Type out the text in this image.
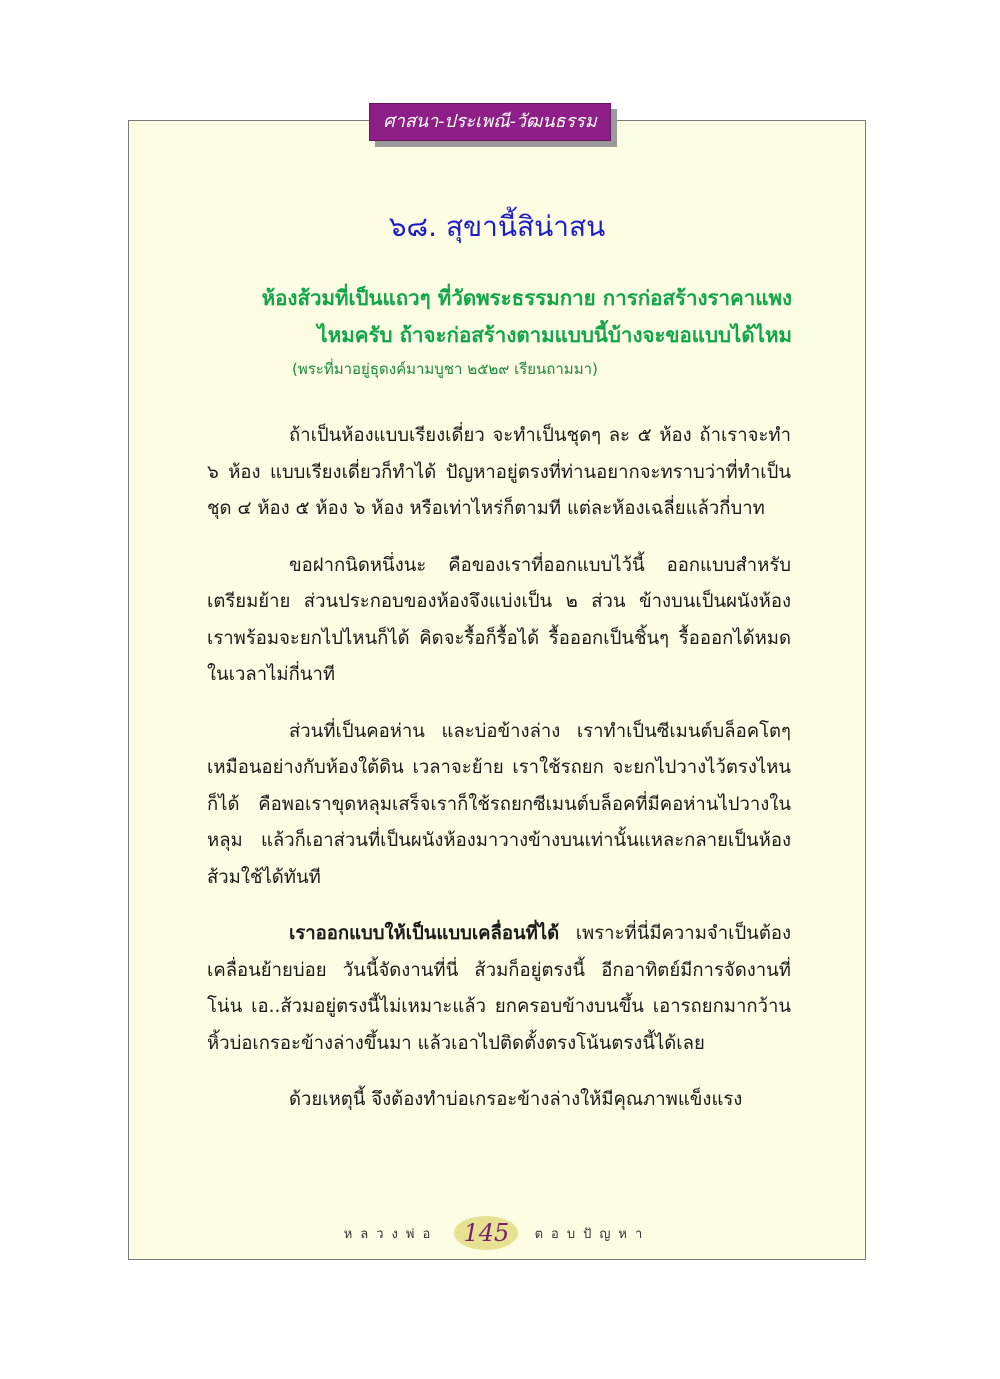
ศาสนา-ประเพณี-วัฒนธรรม
๖๘. สุขานี้สิน่าสน
ห้องส้วมที่เป็นแถวๆ ที่วัดพระธรรมกาย การก่อสร้างราคาแพง
ไหมครับ ถ้าจะก่อสร้างตามแบบนี้บ้างจะขอแบบได้ไหม
(พระที่มาอยู่ธุดงค์มามบูชา ๒๕๒๙ เรียนถามมา)

ถ้าเป็นห้องแบบเรียงเดี่ยว จะทำเป็นชุดๆ ละ ๕ ห้อง ถ้าเราจะทำ ๖ ห้อง แบบเรียงเดี่ยวก็ทำได้ ปัญหาอยู่ตรงที่ท่านอยากจะทราบว่าที่ทำเป็นชุด ๔ ห้อง ๕ ห้อง ๖ ห้อง หรือเท่าไหร่ก็ตามที แต่ละห้องเฉลี่ยแล้วกี่บาท

ขอฝากนิดหนึ่งนะ คือของเราที่ออกแบบไว้นี้ ออกแบบสำหรับเตรียมย้าย ส่วนประกอบของห้องจึงแบ่งเป็น ๒ ส่วน ข้างบนเป็นผนังห้อง เราพร้อมจะยกไปไหนก็ได้ คิดจะรื้อก็รื้อได้ รื้อออกเป็นชิ้นๆ รื้อออกได้หมดในเวลาไม่กี่นาที

ส่วนที่เป็นคอห่าน และบ่อข้างล่าง เราทำเป็นซีเมนต์บล็อคโตๆ เหมือนอย่างกับห้องใต้ดิน เวลาจะย้าย เราใช้รถยก จะยกไปวางไว้ตรงไหนก็ได้ คือพอเราขุดหลุมเสร็จเราก็ใช้รถยกซีเมนต์บล็อคที่มีคอห่านไปวางในหลุม แล้วก็เอาส่วนที่เป็นผนังห้องมาวางข้างบนเท่านั้นแหละกลายเป็นห้องส้วมใช้ได้ทันที

เราออกแบบให้เป็นแบบเคลื่อนที่ได้ เพราะที่นี่มีความจำเป็นต้องเคลื่อนย้ายบ่อย วันนี้จัดงานที่นี่ ส้วมก็อยู่ตรงนี้ อีกอาทิตย์มีการจัดงานที่โน่น เอ..ส้วมอยู่ตรงนี้ไม่เหมาะแล้ว ยกครอบข้างบนขึ้น เอารถยกมากว้านหิ้วบ่อเกรอะข้างล่างขึ้นมา แล้วเอาไปติดตั้งตรงโน้นตรงนี้ได้เลย

ด้วยเหตุนี้ จึงต้องทำบ่อเกรอะข้างล่างให้มีคุณภาพแข็งแรง

หลวงพ่อ 145 ตอบปัญหา
